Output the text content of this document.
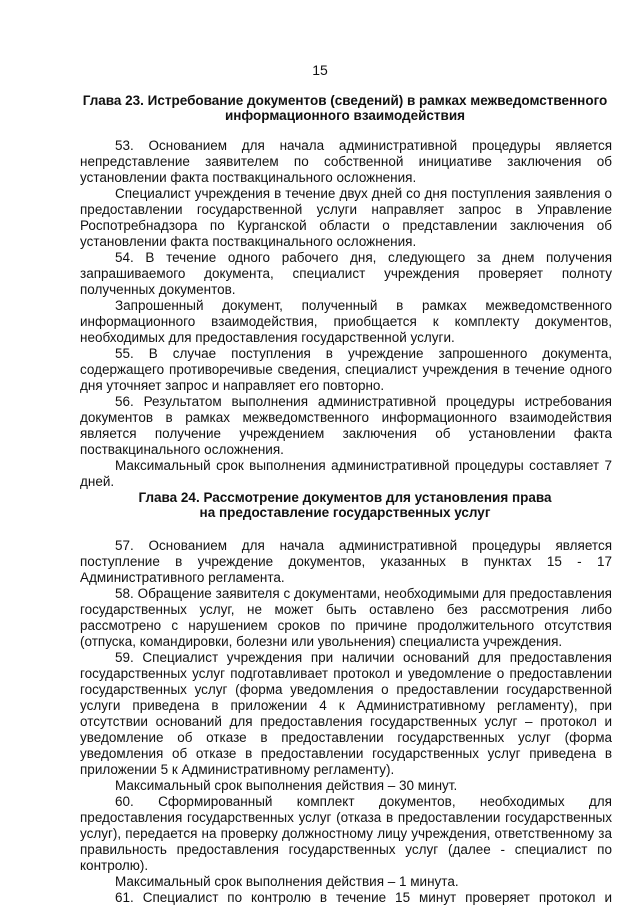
15
Глава 23. Истребование документов (сведений) в рамках межведомственного
информационного взаимодействия

53. Основанием для начала административной процедуры является непредставление заявителем по собственной инициативе заключения об установлении факта поствакцинального осложнения.

Специалист учреждения в течение двух дней со дня поступления заявления о предоставлении государственной услуги направляет запрос в Управление Роспотребнадзора по Курганской области о представлении заключения об установлении факта поствакцинального осложнения.

54. В течение одного рабочего дня, следующего за днем получения запрашиваемого документа, специалист учреждения проверяет полноту полученных документов.

Запрошенный документ, полученный в рамках межведомственного информационного взаимодействия, приобщается к комплекту документов, необходимых для предоставления государственной услуги.

55. В случае поступления в учреждение запрошенного документа, содержащего противоречивые сведения, специалист учреждения в течение одного дня уточняет запрос и направляет его повторно.

56. Результатом выполнения административной процедуры истребования документов в рамках межведомственного информационного взаимодействия является получение учреждением заключения об установлении факта поствакцинального осложнения.

Максимальный срок выполнения административной процедуры составляет 7 дней.

Глава 24. Рассмотрение документов для установления права
на предоставление государственных услуг

57. Основанием для начала административной процедуры является поступление в учреждение документов, указанных в пунктах 15 - 17 Административного регламента.

58. Обращение заявителя с документами, необходимыми для предоставления государственных услуг, не может быть оставлено без рассмотрения либо рассмотрено с нарушением сроков по причине продолжительного отсутствия (отпуска, командировки, болезни или увольнения) специалиста учреждения.

59. Специалист учреждения при наличии оснований для предоставления государственных услуг подготавливает протокол и уведомление о предоставлении государственных услуг (форма уведомления о предоставлении государственной услуги приведена в приложении 4 к Административному регламенту), при отсутствии оснований для предоставления государственных услуг – протокол и уведомление об отказе в предоставлении государственных услуг (форма уведомления об отказе в предоставлении государственных услуг приведена в приложении 5 к Административному регламенту).

Максимальный срок выполнения действия – 30 минут.

60. Сформированный комплект документов, необходимых для предоставления государственных услуг (отказа в предоставлении государственных услуг), передается на проверку должностному лицу учреждения, ответственному за правильность предоставления государственных услуг (далее - специалист по контролю).

Максимальный срок выполнения действия – 1 минута.

61. Специалист по контролю в течение 15 минут проверяет протокол и
